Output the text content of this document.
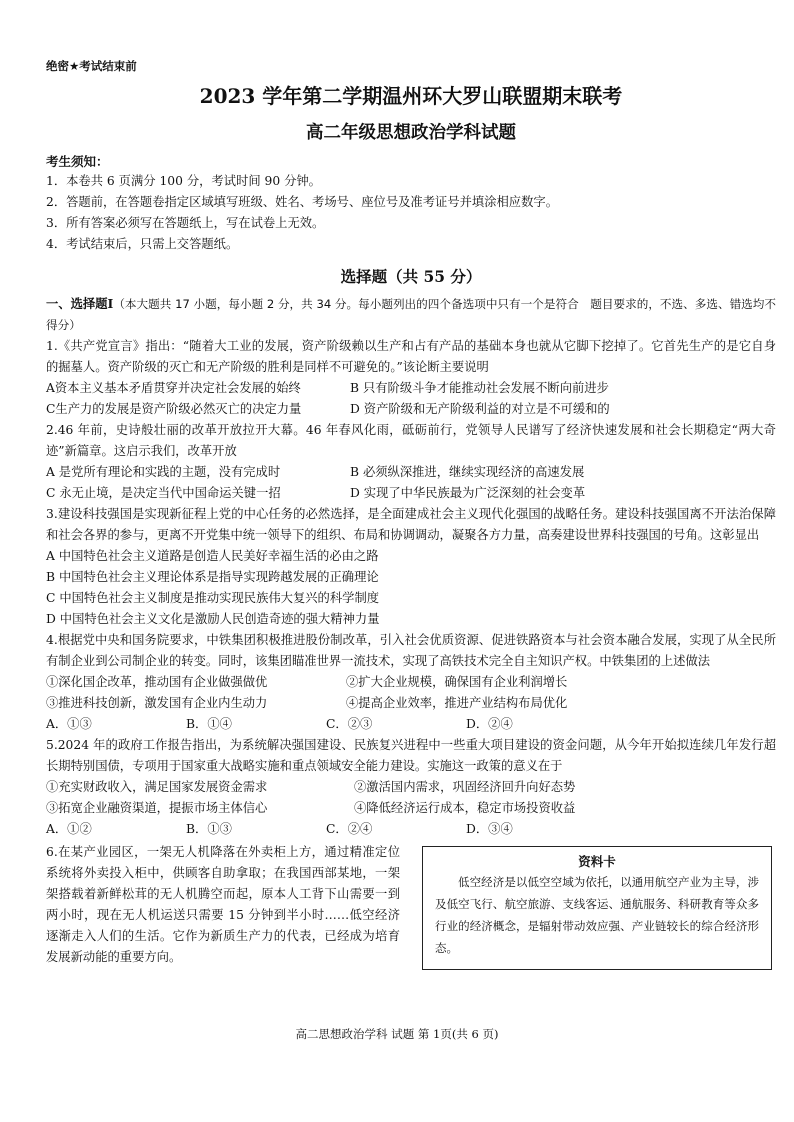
绝密★考试结束前
2023 学年第二学期温州环大罗山联盟期末联考
高二年级思想政治学科试题
考生须知：
1．本卷共 6 页满分 100 分，考试时间 90 分钟。
2．答题前，在答题卷指定区域填写班级、姓名、考场号、座位号及准考证号并填涂相应数字。
3．所有答案必须写在答题纸上，写在试卷上无效。
4．考试结束后，只需上交答题纸。
选择题（共 55 分）
一、选择题Ⅰ（本大题共 17 小题，每小题 2 分，共 34 分。每小题列出的四个备选项中只有一个是符合　题目要求的，不选、多选、错选均不得分）
1.《共产党宣言》指出：“随着大工业的发展，资产阶级赖以生产和占有产品的基础本身也就从它脚下挖掉了。它首先生产的是它自身的掘墓人。资产阶级的灭亡和无产阶级的胜利是同样不可避免的。”该论断主要说明
A资本主义基本矛盾贯穿并决定社会发展的始终	B 只有阶级斗争才能推动社会发展不断向前进步
C生产力的发展是资产阶级必然灭亡的决定力量	D 资产阶级和无产阶级利益的对立是不可缓和的
2.46 年前，史诗般壮丽的改革开放拉开大幕。46 年春风化雨，砥砺前行，党领导人民谱写了经济快速发展和社会长期稳定“两大奇迹”新篇章。这启示我们，改革开放
A 是党所有理论和实践的主题，没有完成时	B 必须纵深推进，继续实现经济的高速发展
C 永无止境，是决定当代中国命运关键一招	D 实现了中华民族最为广泛深刻的社会变革
3.建设科技强国是实现新征程上党的中心任务的必然选择，是全面建成社会主义现代化强国的战略任务。建设科技强国离不开法治保障和社会各界的参与，更离不开党集中统一领导下的组织、布局和协调调动，凝聚各方力量，高奏建设世界科技强国的号角。这彰显出
A 中国特色社会主义道路是创造人民美好幸福生活的必由之路
B 中国特色社会主义理论体系是指导实现跨越发展的正确理论
C 中国特色社会主义制度是推动实现民族伟大复兴的科学制度
D 中国特色社会主义文化是激励人民创造奇迹的强大精神力量
4.根据党中央和国务院要求，中铁集团积极推进股份制改革，引入社会优质资源、促进铁路资本与社会资本融合发展，实现了从全民所有制企业到公司制企业的转变。同时，该集团瞄准世界一流技术，实现了高铁技术完全自主知识产权。中铁集团的上述做法
①深化国企改革，推动国有企业做强做优	②扩大企业规模，确保国有企业利润增长
③推进科技创新，激发国有企业内生动力	④提高企业效率，推进产业结构布局优化
A．①③	B．①④	C．②③	D．②④
5.2024 年的政府工作报告指出，为系统解决强国建设、民族复兴进程中一些重大项目建设的资金问题，从今年开始拟连续几年发行超长期特别国债，专项用于国家重大战略实施和重点领域安全能力建设。实施这一政策的意义在于
①充实财政收入，满足国家发展资金需求	②激活国内需求，巩固经济回升向好态势
③拓宽企业融资渠道，提振市场主体信心	④降低经济运行成本，稳定市场投资收益
A．①②	B．①③	C．②④	D．③④
6.在某产业园区，一架无人机降落在外卖柜上方，通过精准定位系统将外卖投入柜中，供顾客自助拿取；在我国西部某地，一架架搭载着新鲜松茸的无人机腾空而起，原本人工背下山需要一到两小时，现在无人机运送只需要 15 分钟到半小时……低空经济逐渐走入人们的生活。它作为新质生产力的代表，已经成为培育发展新动能的重要方向。
资料卡
低空经济是以低空空域为依托，以通用航空产业为主导，涉及低空飞行、航空旅游、支线客运、通航服务、科研教育等众多行业的经济概念，是辐射带动效应强、产业链较长的综合经济形态。
高二思想政治学科 试题 第 1页(共 6 页)
